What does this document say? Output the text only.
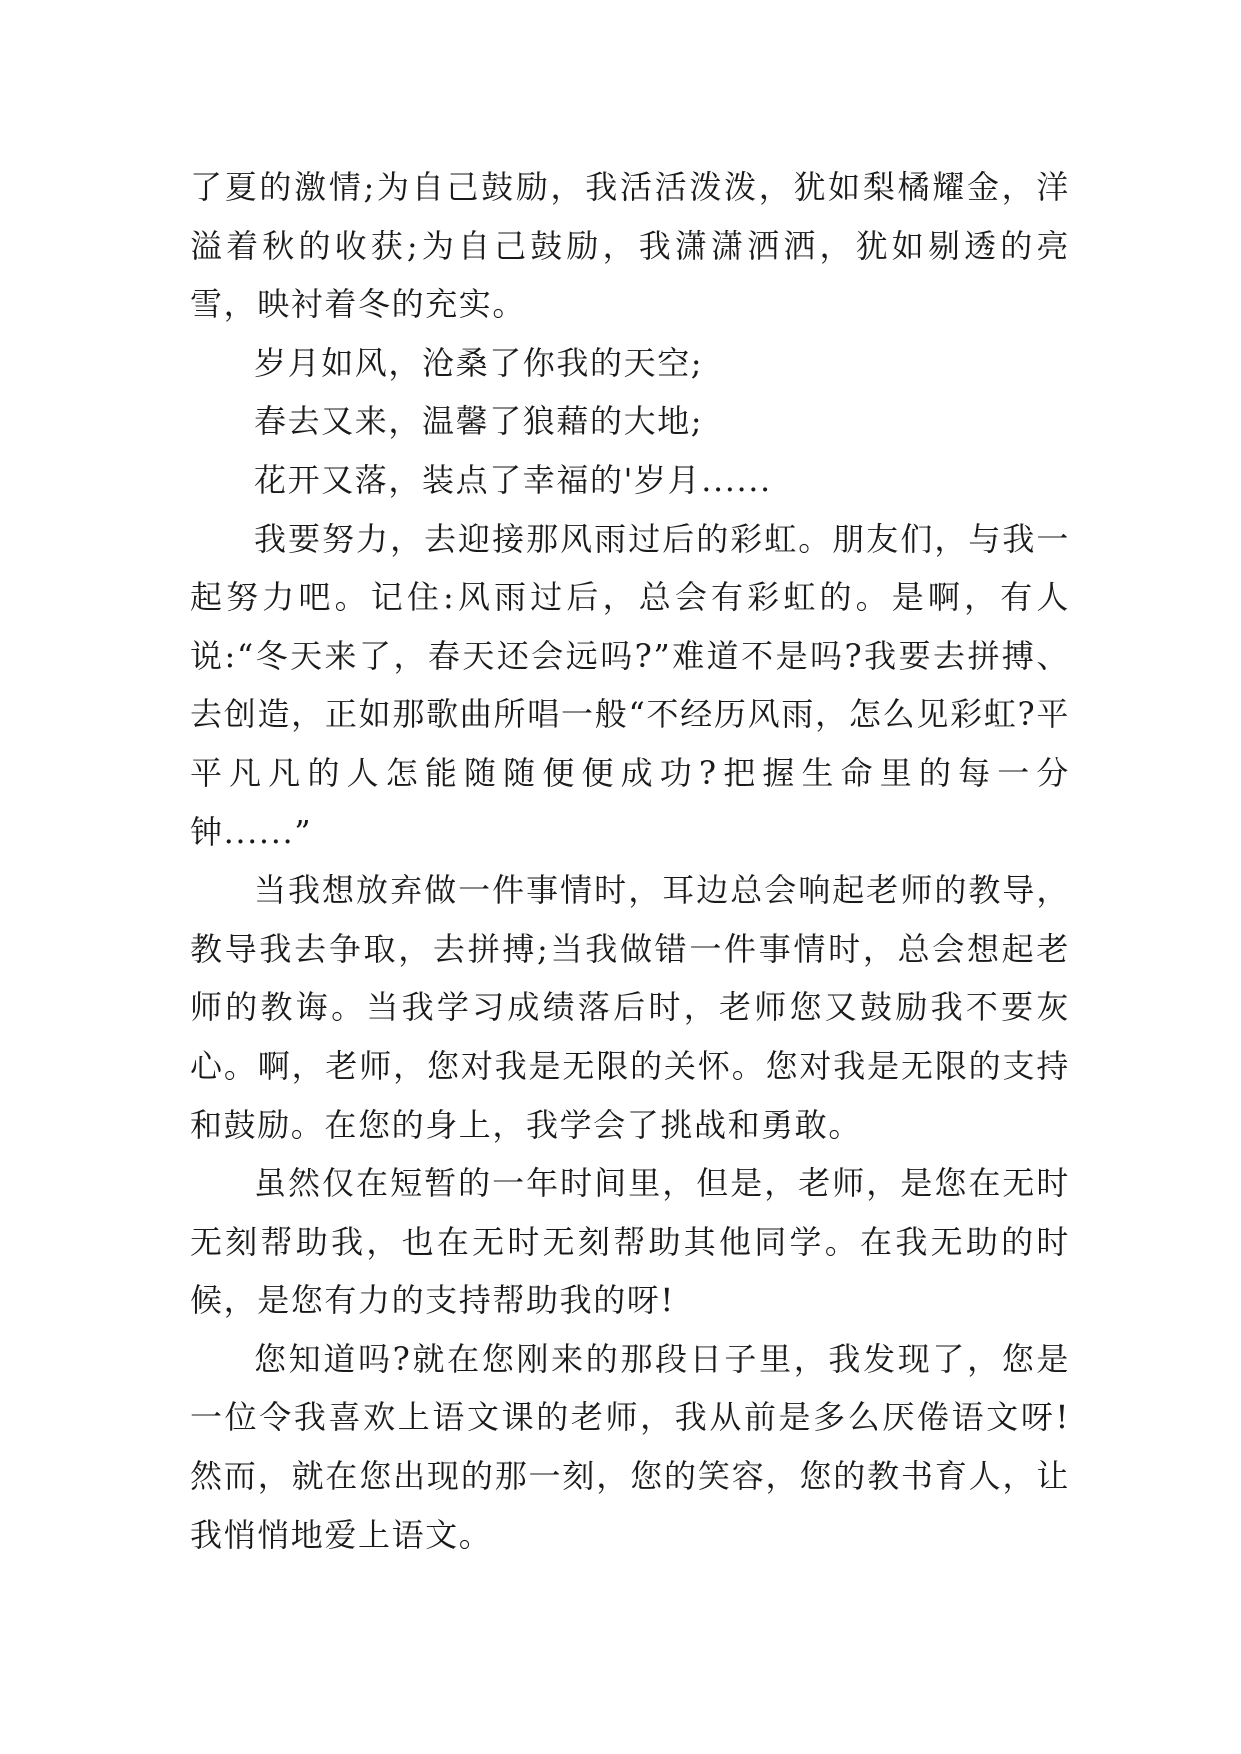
了夏的激情;为自己鼓励，我活活泼泼，犹如梨橘耀金，洋溢着秋的收获;为自己鼓励，我潇潇洒洒，犹如剔透的亮雪，映衬着冬的充实。

岁月如风，沧桑了你我的天空;

春去又来，温馨了狼藉的大地;

花开又落，装点了幸福的'岁月......

我要努力，去迎接那风雨过后的彩虹。朋友们，与我一起努力吧。记住:风雨过后，总会有彩虹的。是啊，有人说:“冬天来了，春天还会远吗?”难道不是吗?我要去拼搏、去创造，正如那歌曲所唱一般“不经历风雨，怎么见彩虹?平平凡凡的人怎能随随便便成功?把握生命里的每一分钟......”

当我想放弃做一件事情时，耳边总会响起老师的教导，教导我去争取，去拼搏;当我做错一件事情时，总会想起老师的教诲。当我学习成绩落后时，老师您又鼓励我不要灰心。啊，老师，您对我是无限的关怀。您对我是无限的支持和鼓励。在您的身上，我学会了挑战和勇敢。

虽然仅在短暂的一年时间里，但是，老师，是您在无时无刻帮助我，也在无时无刻帮助其他同学。在我无助的时候，是您有力的支持帮助我的呀!

您知道吗?就在您刚来的那段日子里，我发现了，您是一位令我喜欢上语文课的老师，我从前是多么厌倦语文呀!然而，就在您出现的那一刻，您的笑容，您的教书育人，让我悄悄地爱上语文。
